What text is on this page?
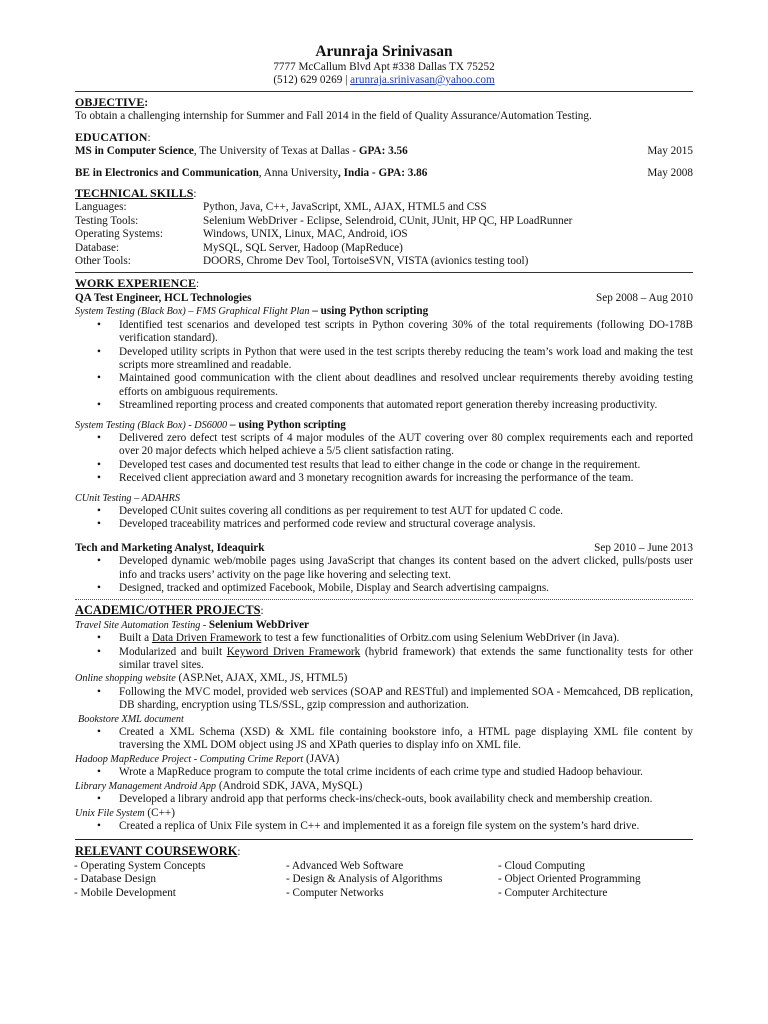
Arunraja Srinivasan
7777 McCallum Blvd Apt #338 Dallas TX 75252
(512) 629 0269 | arunraja.srinivasan@yahoo.com
OBJECTIVE:
To obtain a challenging internship for Summer and Fall 2014 in the field of Quality Assurance/Automation Testing.
EDUCATION:
MS in Computer Science, The University of Texas at Dallas - GPA: 3.56	May 2015
BE in Electronics and Communication, Anna University, India - GPA: 3.86	May 2008
TECHNICAL SKILLS:
Languages:	Python, Java, C++, JavaScript, XML, AJAX, HTML5 and CSS
Testing Tools:	Selenium WebDriver - Eclipse, Selendroid, CUnit, JUnit, HP QC, HP LoadRunner
Operating Systems:	Windows, UNIX, Linux, MAC, Android, iOS
Database:	MySQL, SQL Server, Hadoop (MapReduce)
Other Tools:	DOORS, Chrome Dev Tool, TortoiseSVN, VISTA (avionics testing tool)
WORK EXPERIENCE:
QA Test Engineer, HCL Technologies	Sep 2008 – Aug 2010
System Testing (Black Box) – FMS Graphical Flight Plan – using Python scripting
• Identified test scenarios and developed test scripts in Python covering 30% of the total requirements (following DO-178B verification standard).
• Developed utility scripts in Python that were used in the test scripts thereby reducing the team’s work load and making the test scripts more streamlined and readable.
• Maintained good communication with the client about deadlines and resolved unclear requirements thereby avoiding testing efforts on ambiguous requirements.
• Streamlined reporting process and created components that automated report generation thereby increasing productivity.
System Testing (Black Box) - DS6000 – using Python scripting
• Delivered zero defect test scripts of 4 major modules of the AUT covering over 80 complex requirements each and reported over 20 major defects which helped achieve a 5/5 client satisfaction rating.
• Developed test cases and documented test results that lead to either change in the code or change in the requirement.
• Received client appreciation award and 3 monetary recognition awards for increasing the performance of the team.
CUnit Testing – ADAHRS
• Developed CUnit suites covering all conditions as per requirement to test AUT for updated C code.
• Developed traceability matrices and performed code review and structural coverage analysis.
Tech and Marketing Analyst, Ideaquirk	Sep 2010 – June 2013
• Developed dynamic web/mobile pages using JavaScript that changes its content based on the advert clicked, pulls/posts user info and tracks users’ activity on the page like hovering and selecting text.
• Designed, tracked and optimized Facebook, Mobile, Display and Search advertising campaigns.
ACADEMIC/OTHER PROJECTS:
Travel Site Automation Testing - Selenium WebDriver
• Built a Data Driven Framework to test a few functionalities of Orbitz.com using Selenium WebDriver (in Java).
• Modularized and built Keyword Driven Framework (hybrid framework) that extends the same functionality tests for other similar travel sites.
Online shopping website (ASP.Net, AJAX, XML, JS, HTML5)
• Following the MVC model, provided web services (SOAP and RESTful) and implemented SOA - Memcahced, DB replication, DB sharding, encryption using TLS/SSL, gzip compression and authorization.
Bookstore XML document
• Created a XML Schema (XSD) & XML file containing bookstore info, a HTML page displaying XML file content by traversing the XML DOM object using JS and XPath queries to display info on XML file.
Hadoop MapReduce Project - Computing Crime Report (JAVA)
• Wrote a MapReduce program to compute the total crime incidents of each crime type and studied Hadoop behaviour.
Library Management Android App (Android SDK, JAVA, MySQL)
• Developed a library android app that performs check-ins/check-outs, book availability check and membership creation.
Unix File System (C++)
• Created a replica of Unix File system in C++ and implemented it as a foreign file system on the system’s hard drive.
RELEVANT COURSEWORK:
- Operating System Concepts	- Advanced Web Software	- Cloud Computing
- Database Design	- Design & Analysis of Algorithms	- Object Oriented Programming
- Mobile Development	- Computer Networks	- Computer Architecture
